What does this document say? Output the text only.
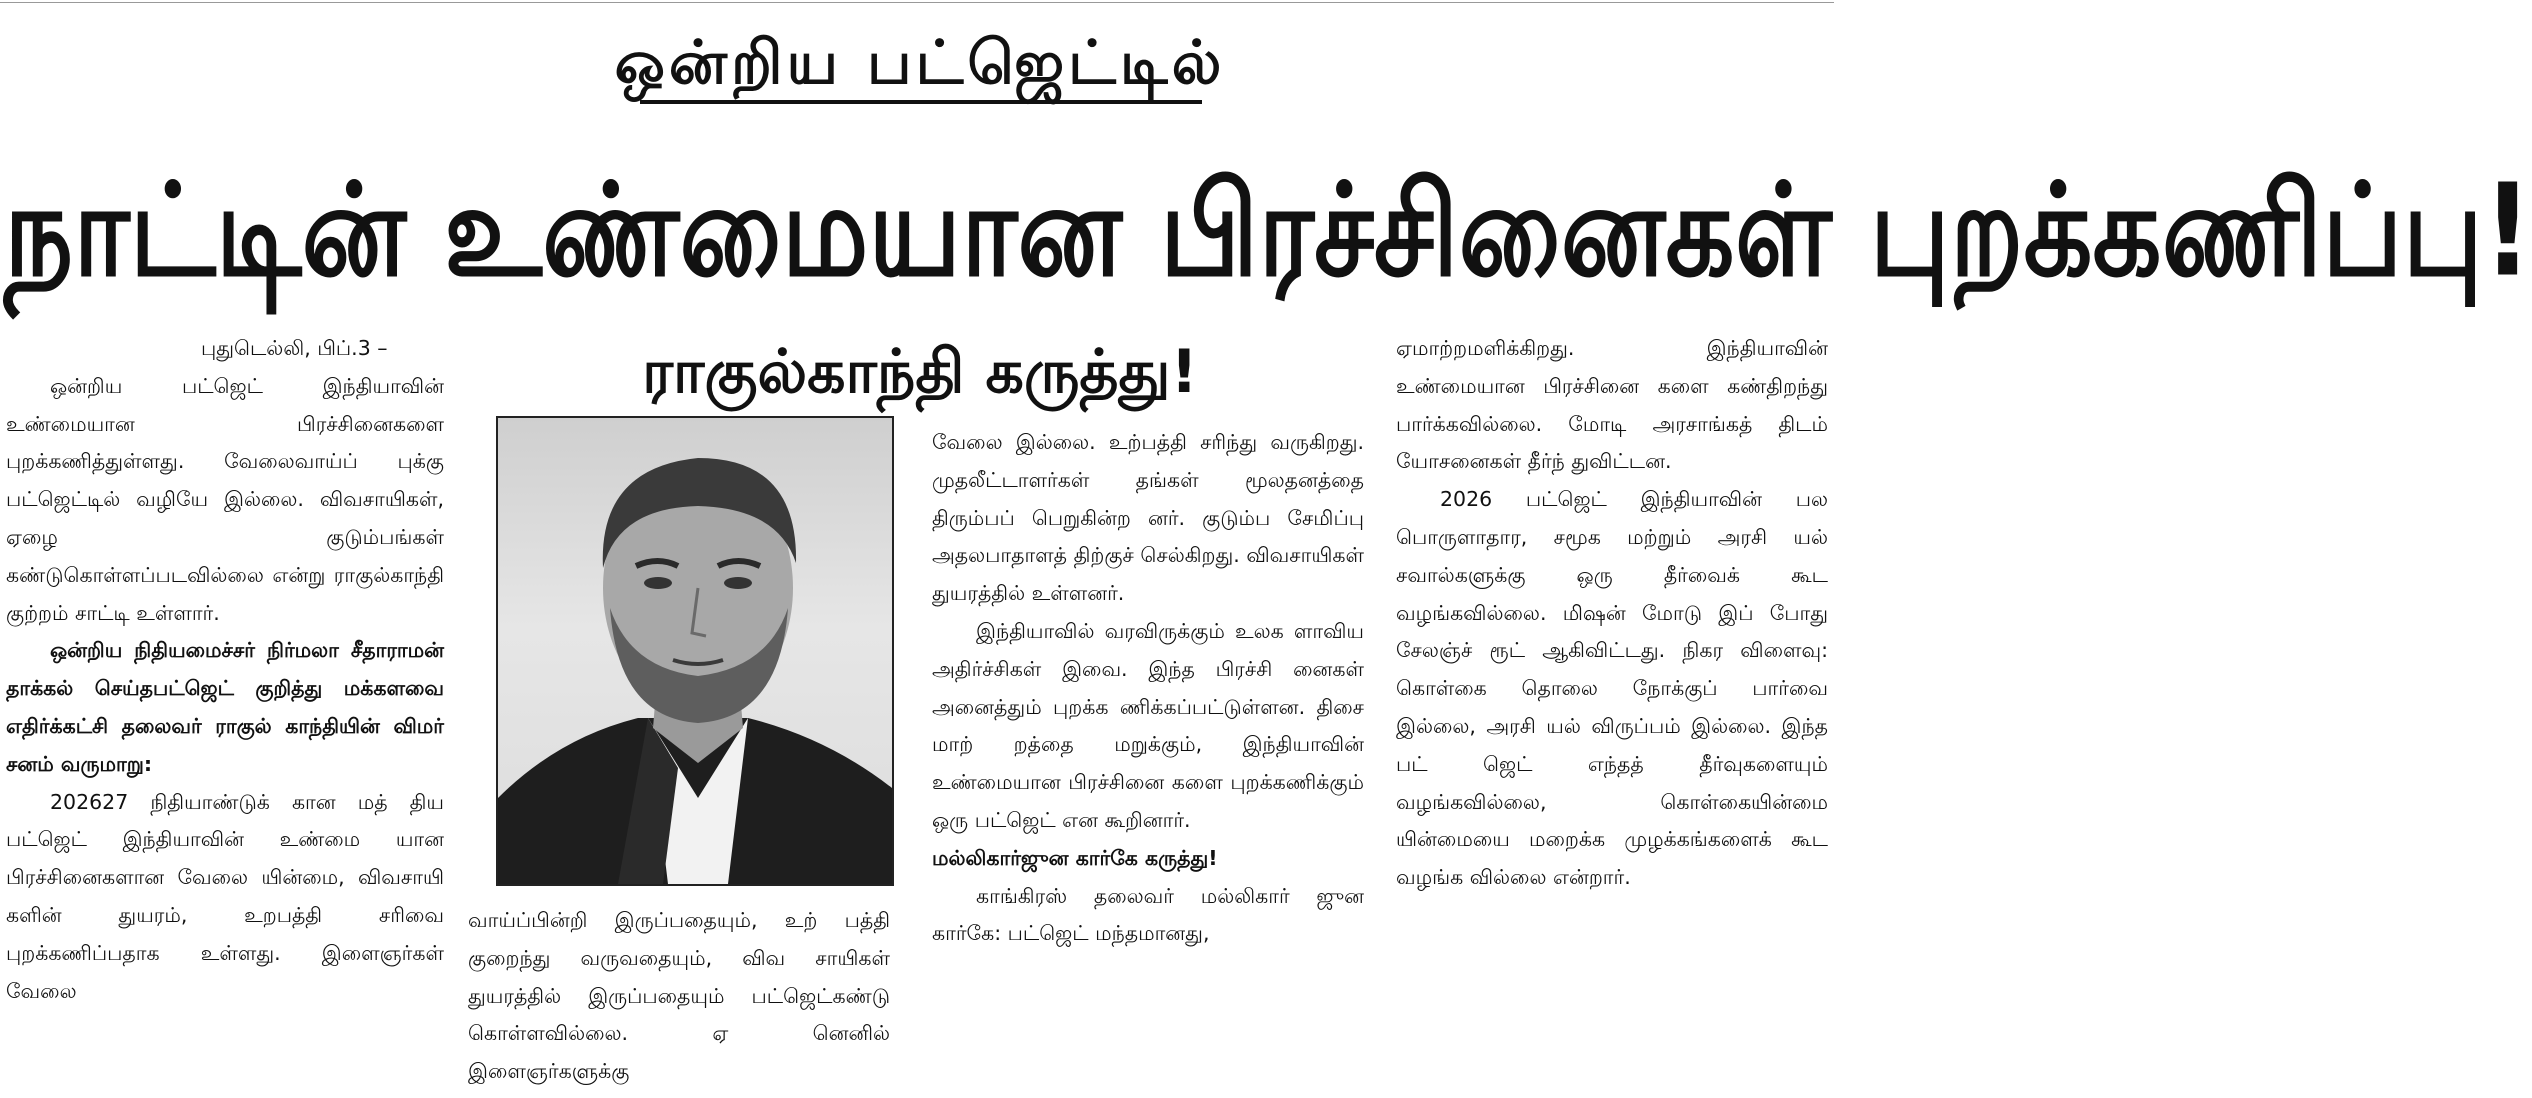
ஒன்றிய பட்ஜெட்டில்
நாட்டின் உண்மையான பிரச்சினைகள் புறக்கணிப்பு!
ராகுல்காந்தி கருத்து!

புதுடெல்லி, பிப்.3 –

ஒன்றிய பட்ஜெட் இந்தியாவின் உண்மையான பிரச்சினைகளை புறக்கணித்துள்ளது. வேலைவாய்ப் புக்கு பட்ஜெட்டில் வழியே இல்லை. விவசாயிகள், ஏழை குடும்பங்கள் கண்டுகொள்ளப்படவில்லை என்று ராகுல்காந்தி குற்றம் சாட்டி உள்ளார்.

ஒன்றிய நிதியமைச்சர் நிர்மலா சீதாராமன் தாக்கல் செய்தபட்ஜெட் குறித்து மக்களவை எதிர்க்கட்சி தலைவர் ராகுல் காந்தியின் விமர் சனம் வருமாறு:

202627 நிதியாண்டுக் கான மத் திய பட்ஜெட் இந்தியாவின் உண்மை யான பிரச்சினைகளான வேலை யின்மை, விவசாயி களின் துயரம், உறபத்தி சரிவை புறக்கணிப்பதாக உள்ளது. இளைஞர்கள் வேலை

வாய்ப்பின்றி இருப்பதையும், உற் பத்தி குறைந்து வருவதையும், விவ சாயிகள் துயரத்தில் இருப்பதையும் பட்ஜெட்கண்டு கொள்ளவில்லை. ஏ னெனில் இளைஞர்களுக்கு

வேலை இல்லை. உற்பத்தி சரிந்து வருகிறது. முதலீட்டாளர்கள் தங்கள் மூலதனத்தை திரும்பப் பெறுகின்ற னர். குடும்ப சேமிப்பு அதலபாதாளத் திற்குச் செல்கிறது. விவசாயிகள் துயரத்தில் உள்ளனர்.

இந்தியாவில் வரவிருக்கும் உலக ளாவிய அதிர்ச்சிகள் இவை. இந்த பிரச்சி னைகள் அனைத்தும் புறக்க ணிக்கப்பட்டுள்ளன. திசை மாற் றத்தை மறுக்கும், இந்தியாவின் உண்மையான பிரச்சினை களை புறக்கணிக்கும் ஒரு பட்ஜெட் என கூறினார்.

மல்லிகார்ஜுன கார்கே கருத்து!

காங்கிரஸ் தலைவர் மல்லிகார் ஜுன கார்கே: பட்ஜெட் மந்தமானது,

ஏமாற்றமளிக்கிறது. இந்தியாவின் உண்மையான பிரச்சினை களை கண்திறந்து பார்க்கவில்லை. மோடி அரசாங்கத் திடம் யோசனைகள் தீர்ந் துவிட்டன.

2026 பட்ஜெட் இந்தியாவின் பல பொருளாதார, சமூக மற்றும் அரசி யல் சவால்களுக்கு ஒரு தீர்வைக் கூட வழங்கவில்லை. மிஷன் மோடு இப் போது சேலஞ்ச் ரூட் ஆகிவிட்டது. நிகர விளைவு: கொள்கை தொலை நோக்குப் பார்வை இல்லை, அரசி யல் விருப்பம் இல்லை. இந்த பட் ஜெட் எந்தத் தீர்வுகளையும் வழங்கவில்லை, கொள்கையின்மை யின்மையை மறைக்க முழக்கங்களைக் கூட வழங்க வில்லை என்றார்.
